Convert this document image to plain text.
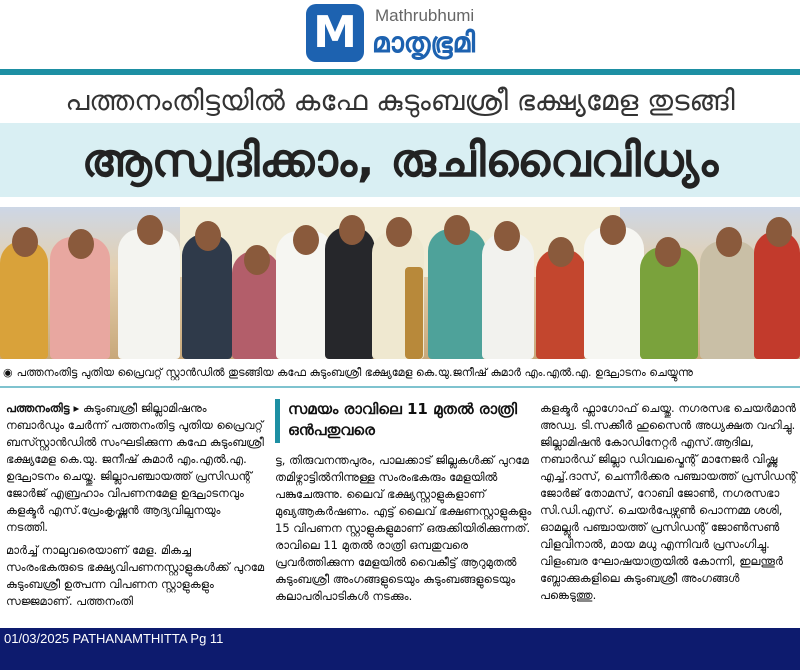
M	Mathrubhumi
മാതൃഭൂമി
പത്തനംതിട്ടയിൽ കഫേ കുടുംബശ്രീ ഭക്ഷ്യമേള തുടങ്ങി
ആസ്വദിക്കാം, രുചിവൈവിധ്യം
◉ പത്തനംതിട്ട പുതിയ പ്രൈവറ്റ് സ്റ്റാൻഡിൽ തുടങ്ങിയ കഫേ കുടുംബശ്രീ ഭക്ഷ്യമേള കെ.യു.ജനീഷ് കുമാർ എം.എൽ.എ. ഉദ്ഘാടനം ചെയ്യുന്നു
പത്തനംതിട്ട ▸ കുടുംബശ്രീ ജില്ലാമിഷനും നബാർഡും ചേർന്ന് പത്തനംതിട്ട പുതിയ പ്രൈവറ്റ് ബസ്സ്റ്റാൻഡിൽ സംഘടിക്കുന്ന കഫേ കുടുംബശ്രീ ഭക്ഷ്യമേള കെ.യു. ജനീഷ് കുമാർ എം.എൽ.എ. ഉദ്ഘാടനം ചെയ്തു. ജില്ലാപഞ്ചായത്ത് പ്രസിഡന്റ് ജോർജ് എബ്രഹാം വിപണനമേള ഉദ്ഘാടനവും കളക്ടർ എസ്.പ്രേംകൃഷ്ണൻ ആദ്യവില്പനയും നടത്തി.
മാർച്ച് നാലുവരെയാണ് മേള. മികച്ച സംരംഭകരുടെ ഭക്ഷ്യവിപണനസ്റ്റാളുകൾക്ക് പുറമേ കുടുംബശ്രീ ഉത്പന്ന വിപണന സ്റ്റാളുകളും സജ്ജമാണ്. പത്തനംതി
സമയം രാവിലെ 11 മുതൽ രാത്രി ഒൻപതുവരെ
ട്ട, തിരുവനന്തപുരം, പാലക്കാട് ജില്ലകൾക്ക് പുറമേ തമിഴ്നാട്ടിൽനിന്നുള്ള സംരംഭകരും മേളയിൽ പങ്കുചേരുന്നു. ലൈവ് ഭക്ഷ്യസ്റ്റാളുകളാണ് മുഖ്യആകർഷണം. എട്ട് ലൈവ് ഭക്ഷണസ്റ്റാളുകളും 15 വിപണന സ്റ്റാളുകളുമാണ് ഒരുക്കിയിരിക്കുന്നത്. രാവിലെ 11 മുതൽ രാത്രി ഒമ്പതുവരെ പ്രവർത്തിക്കുന്ന മേളയിൽ വൈകീട്ട് ആറുമുതൽ കുടുംബശ്രീ അംഗങ്ങളുടെയും കുടുംബങ്ങളുടെയും കലാപരിപാടികൾ നടക്കും.
കളക്ടർ ഫ്ലാഗോഫ് ചെയ്തു. നഗരസഭ ചെയർമാൻ അഡ്വ. ടി.സക്കീർ ഹുസൈൻ അധ്യക്ഷത വഹിച്ചു. ജില്ലാമിഷൻ കോഡിനേറ്റർ എസ്.ആദില, നബാർഡ് ജില്ലാ ഡിവലപ്മെന്റ് മാനേജർ വിഷ്ണു എച്ച്.ദാസ്, ചെന്നീർക്കര പഞ്ചായത്ത് പ്രസിഡന്റ് ജോർജ് തോമസ്, റോബി ജോൺ, നഗരസഭാ സി.ഡി.എസ്. ചെയർപേഴ്സൺ പൊന്നമ്മ ശശി, ഓമല്ലൂർ പഞ്ചായത്ത് പ്രസിഡന്റ് ജോൺസൺ വിളവിനാൽ, മായ മധു എന്നിവർ പ്രസംഗിച്ചു. വിളംബര ഘോഷയാത്രയിൽ കോന്നി, ഇലന്തൂർ ബ്ലോക്കുകളിലെ കുടുംബശ്രീ അംഗങ്ങൾ പങ്കെടുത്തു.
01/03/2025 PATHANAMTHITTA Pg 11
